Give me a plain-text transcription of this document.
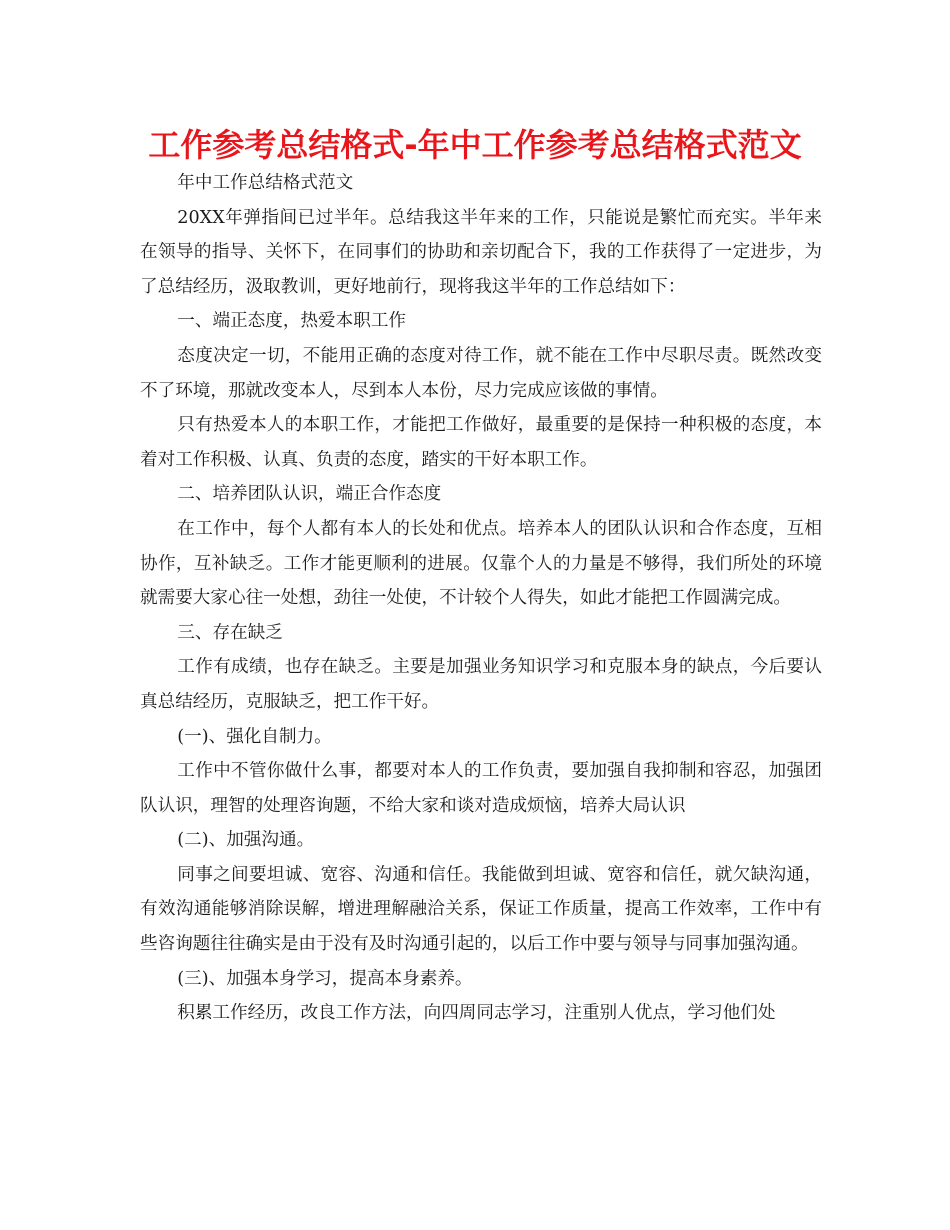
工作参考总结格式-年中工作参考总结格式范文

年中工作总结格式范文

20XX年弹指间已过半年。总结我这半年来的工作，只能说是繁忙而充实。半年来在领导的指导、关怀下，在同事们的协助和亲切配合下，我的工作获得了一定进步，为了总结经历，汲取教训，更好地前行，现将我这半年的工作总结如下：

一、端正态度，热爱本职工作

态度决定一切，不能用正确的态度对待工作，就不能在工作中尽职尽责。既然改变不了环境，那就改变本人，尽到本人本份，尽力完成应该做的事情。

只有热爱本人的本职工作，才能把工作做好，最重要的是保持一种积极的态度，本着对工作积极、认真、负责的态度，踏实的干好本职工作。

二、培养团队认识，端正合作态度

在工作中，每个人都有本人的长处和优点。培养本人的团队认识和合作态度，互相协作，互补缺乏。工作才能更顺利的进展。仅靠个人的力量是不够得，我们所处的环境就需要大家心往一处想，劲往一处使，不计较个人得失，如此才能把工作圆满完成。

三、存在缺乏

工作有成绩，也存在缺乏。主要是加强业务知识学习和克服本身的缺点，今后要认真总结经历，克服缺乏，把工作干好。

(一)、强化自制力。

工作中不管你做什么事，都要对本人的工作负责，要加强自我抑制和容忍，加强团队认识，理智的处理咨询题，不给大家和谈对造成烦恼，培养大局认识

(二)、加强沟通。

同事之间要坦诚、宽容、沟通和信任。我能做到坦诚、宽容和信任，就欠缺沟通，有效沟通能够消除误解，增进理解融洽关系，保证工作质量，提高工作效率，工作中有些咨询题往往确实是由于没有及时沟通引起的，以后工作中要与领导与同事加强沟通。

(三)、加强本身学习，提高本身素养。

积累工作经历，改良工作方法，向四周同志学习，注重别人优点，学习他们处
